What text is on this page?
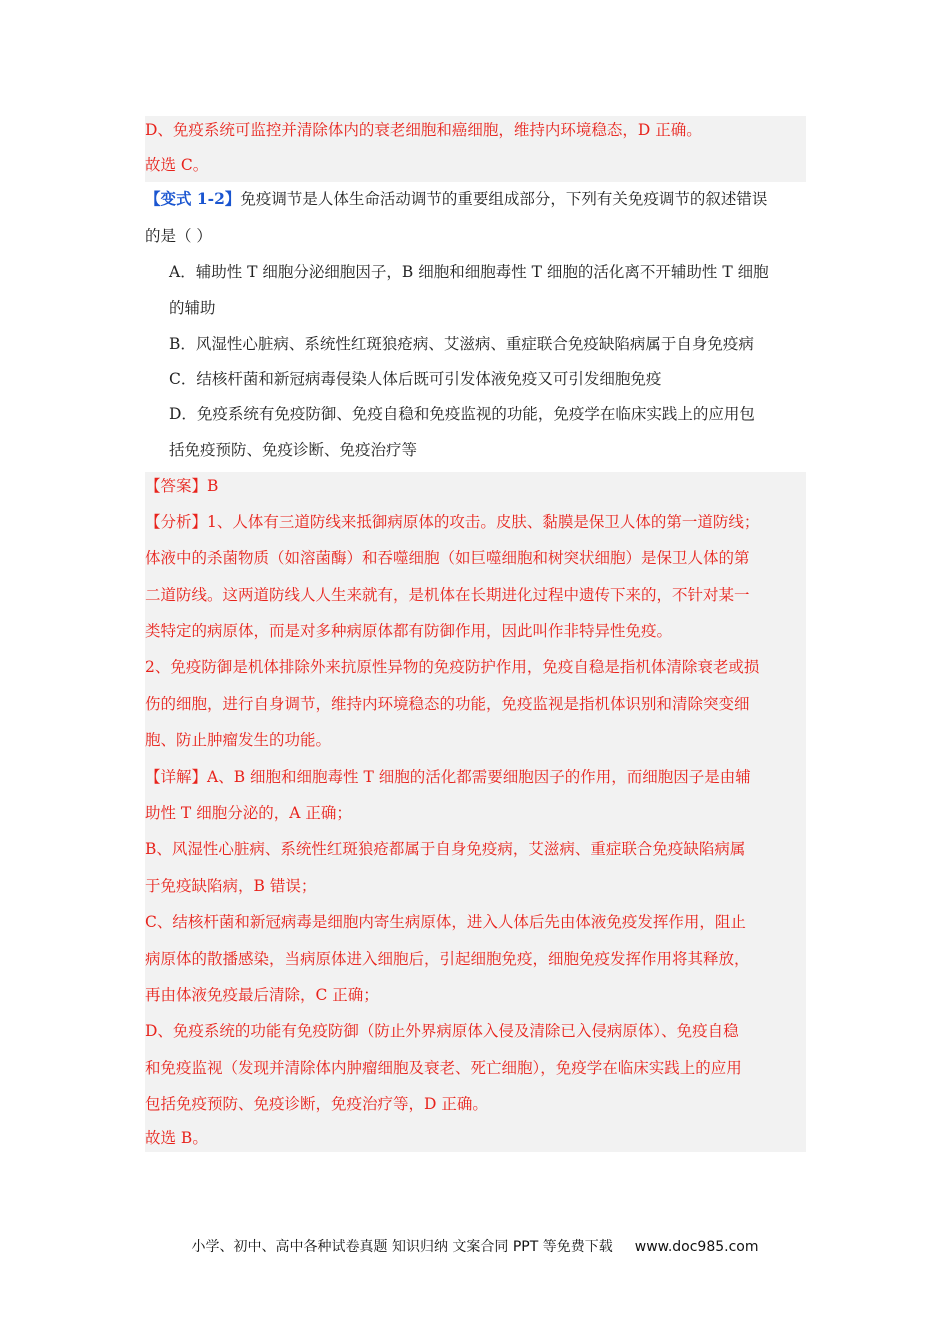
D、免疫系统可监控并清除体内的衰老细胞和癌细胞，维持内环境稳态，D 正确。
故选 C。
【变式 1-2】免疫调节是人体生命活动调节的重要组成部分，下列有关免疫调节的叙述错误
的是（ ）
A．辅助性 T 细胞分泌细胞因子，B 细胞和细胞毒性 T 细胞的活化离不开辅助性 T 细胞
的辅助
B．风湿性心脏病、系统性红斑狼疮病、艾滋病、重症联合免疫缺陷病属于自身免疫病
C．结核杆菌和新冠病毒侵染人体后既可引发体液免疫又可引发细胞免疫
D．免疫系统有免疫防御、免疫自稳和免疫监视的功能，免疫学在临床实践上的应用包
括免疫预防、免疫诊断、免疫治疗等
【答案】B
【分析】1、人体有三道防线来抵御病原体的攻击。皮肤、黏膜是保卫人体的第一道防线；
体液中的杀菌物质（如溶菌酶）和吞噬细胞（如巨噬细胞和树突状细胞）是保卫人体的第
二道防线。这两道防线人人生来就有，是机体在长期进化过程中遗传下来的，不针对某一
类特定的病原体，而是对多种病原体都有防御作用，因此叫作非特异性免疫。
2、免疫防御是机体排除外来抗原性异物的免疫防护作用，免疫自稳是指机体清除衰老或损
伤的细胞，进行自身调节，维持内环境稳态的功能，免疫监视是指机体识别和清除突变细
胞、防止肿瘤发生的功能。
【详解】A、B 细胞和细胞毒性 T 细胞的活化都需要细胞因子的作用，而细胞因子是由辅
助性 T 细胞分泌的，A 正确；
B、风湿性心脏病、系统性红斑狼疮都属于自身免疫病，艾滋病、重症联合免疫缺陷病属
于免疫缺陷病，B 错误；
C、结核杆菌和新冠病毒是细胞内寄生病原体，进入人体后先由体液免疫发挥作用，阻止
病原体的散播感染，当病原体进入细胞后，引起细胞免疫，细胞免疫发挥作用将其释放，
再由体液免疫最后清除，C 正确；
D、免疫系统的功能有免疫防御（防止外界病原体入侵及清除已入侵病原体）、免疫自稳
和免疫监视（发现并清除体内肿瘤细胞及衰老、死亡细胞），免疫学在临床实践上的应用
包括免疫预防、免疫诊断，免疫治疗等，D 正确。
故选 B。
小学、初中、高中各种试卷真题 知识归纳 文案合同 PPT 等免费下载 www.doc985.com
